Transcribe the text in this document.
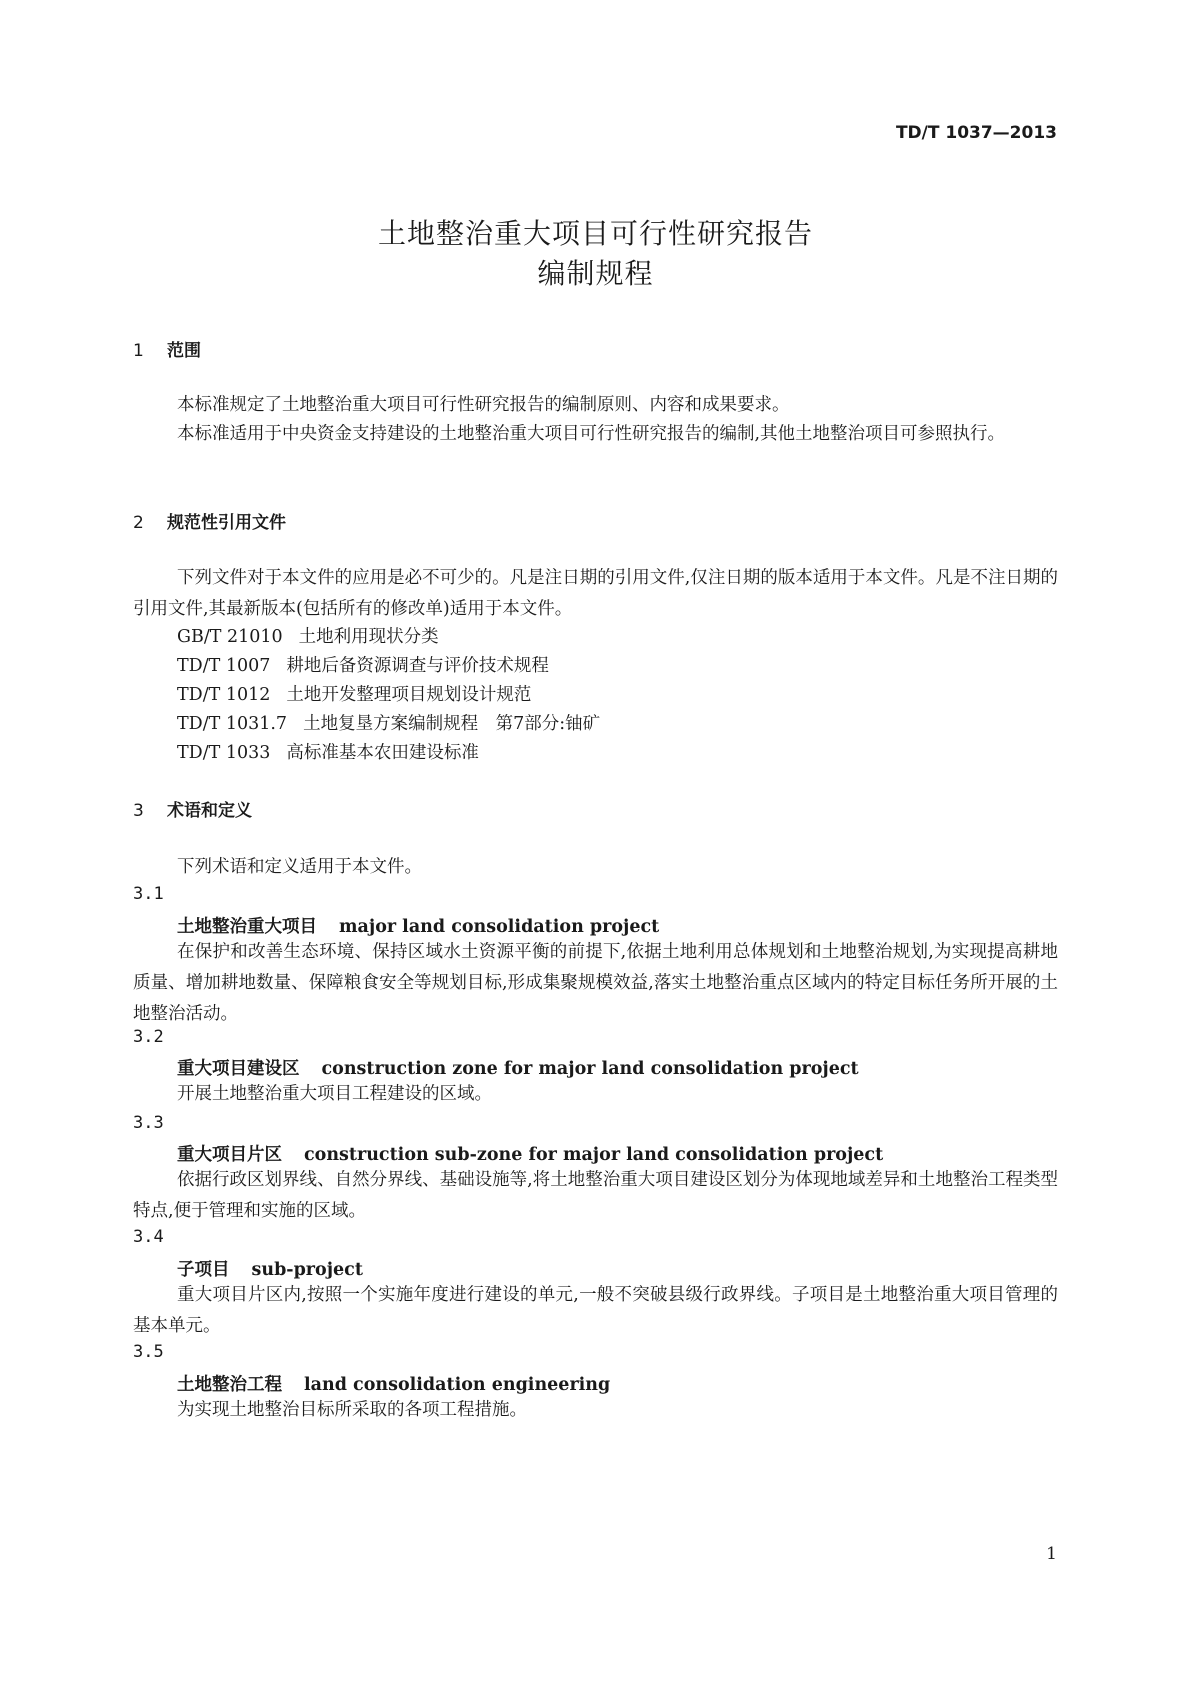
TD/T 1037—2013
土地整治重大项目可行性研究报告
编制规程
1 范围
本标准规定了土地整治重大项目可行性研究报告的编制原则、内容和成果要求。
本标准适用于中央资金支持建设的土地整治重大项目可行性研究报告的编制,其他土地整治项目可参照执行。
2 规范性引用文件
下列文件对于本文件的应用是必不可少的。凡是注日期的引用文件,仅注日期的版本适用于本文件。凡是不注日期的引用文件,其最新版本(包括所有的修改单)适用于本文件。
GB/T 21010 土地利用现状分类
TD/T 1007 耕地后备资源调查与评价技术规程
TD/T 1012 土地开发整理项目规划设计规范
TD/T 1031.7 土地复垦方案编制规程　第7部分:铀矿
TD/T 1033 高标准基本农田建设标准
3 术语和定义
下列术语和定义适用于本文件。
3.1
土地整治重大项目 major land consolidation project
在保护和改善生态环境、保持区域水土资源平衡的前提下,依据土地利用总体规划和土地整治规划,为实现提高耕地质量、增加耕地数量、保障粮食安全等规划目标,形成集聚规模效益,落实土地整治重点区域内的特定目标任务所开展的土地整治活动。
3.2
重大项目建设区 construction zone for major land consolidation project
开展土地整治重大项目工程建设的区域。
3.3
重大项目片区 construction sub-zone for major land consolidation project
依据行政区划界线、自然分界线、基础设施等,将土地整治重大项目建设区划分为体现地域差异和土地整治工程类型特点,便于管理和实施的区域。
3.4
子项目 sub-project
重大项目片区内,按照一个实施年度进行建设的单元,一般不突破县级行政界线。子项目是土地整治重大项目管理的基本单元。
3.5
土地整治工程 land consolidation engineering
为实现土地整治目标所采取的各项工程措施。
1
